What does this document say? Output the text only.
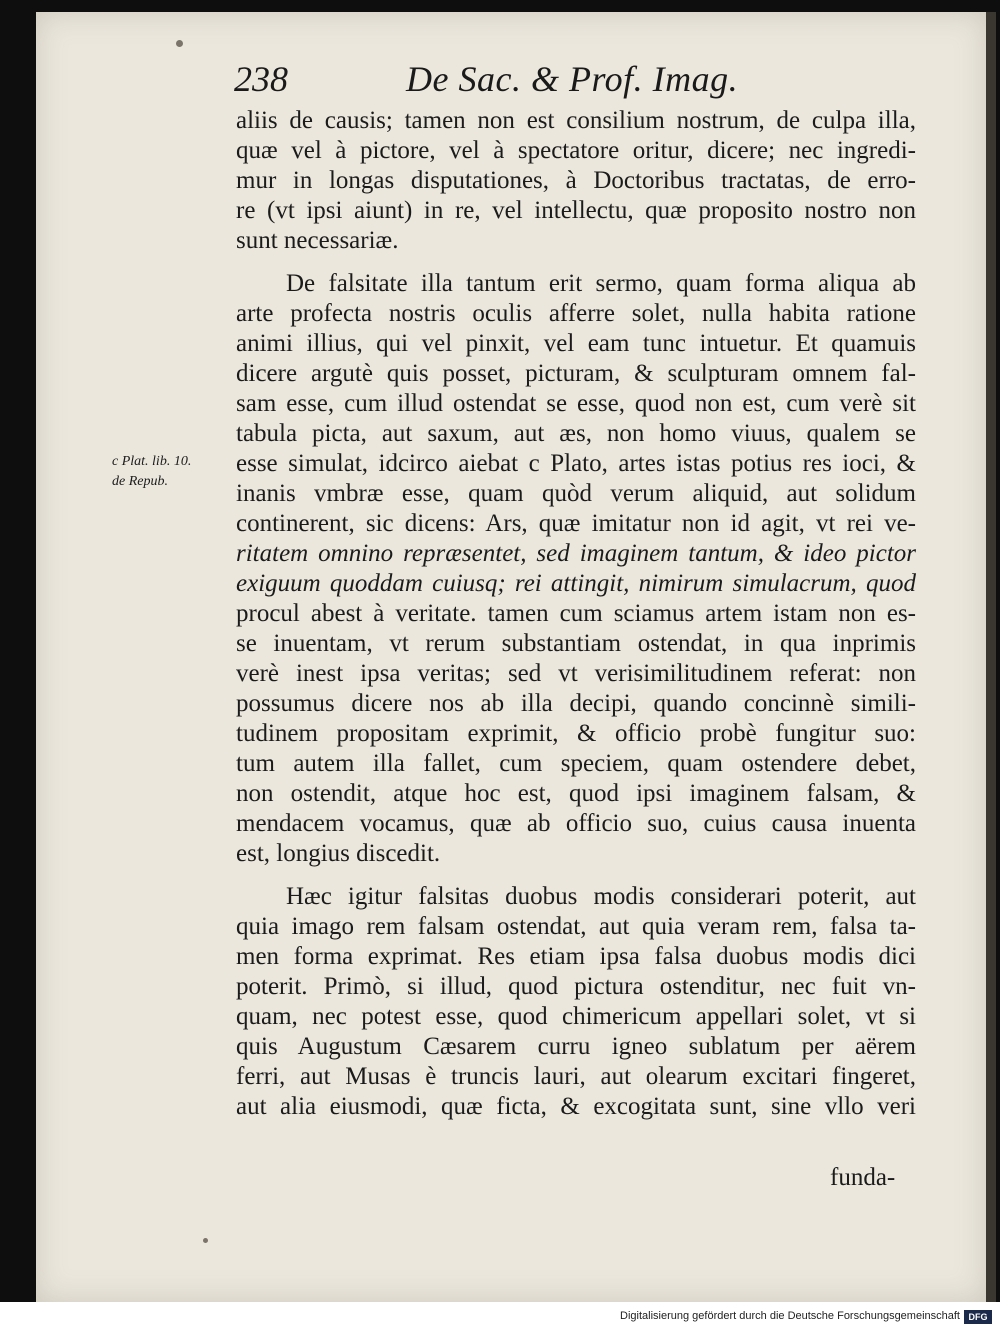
238	De Sac. & Prof. Imag.
c Plat. lib. 10.
de Repub.
aliis de causis; tamen non est consilium nostrum, de culpa illa,
quæ vel à pictore, vel à spectatore oritur, dicere; nec ingredi-
mur in longas disputationes, à Doctoribus tractatas, de erro-
re (vt ipsi aiunt) in re, vel intellectu, quæ proposito nostro non
sunt necessariæ.
De falsitate illa tantum erit sermo, quam forma aliqua ab
arte profecta nostris oculis afferre solet, nulla habita ratione
animi illius, qui vel pinxit, vel eam tunc intuetur. Et quamuis
dicere argutè quis posset, picturam, & sculpturam omnem fal-
sam esse, cum illud ostendat se esse, quod non est, cum verè sit
tabula picta, aut saxum, aut æs, non homo viuus, qualem se
esse simulat, idcirco aiebat c Plato, artes istas potius res ioci, &
inanis vmbræ esse, quam quòd verum aliquid, aut solidum
continerent, sic dicens: Ars, quæ imitatur non id agit, vt rei ve-
ritatem omnino repræsentet, sed imaginem tantum, & ideo pictor
exiguum quoddam cuiusq; rei attingit, nimirum simulacrum, quod
procul abest à veritate. tamen cum sciamus artem istam non es-
se inuentam, vt rerum substantiam ostendat, in qua inprimis
verè inest ipsa veritas; sed vt verisimilitudinem referat: non
possumus dicere nos ab illa decipi, quando concinnè simili-
tudinem propositam exprimit, & officio probè fungitur suo:
tum autem illa fallet, cum speciem, quam ostendere debet,
non ostendit, atque hoc est, quod ipsi imaginem falsam, &
mendacem vocamus, quæ ab officio suo, cuius causa inuenta
est, longius discedit.
Hæc igitur falsitas duobus modis considerari poterit, aut
quia imago rem falsam ostendat, aut quia veram rem, falsa ta-
men forma exprimat. Res etiam ipsa falsa duobus modis dici
poterit. Primò, si illud, quod pictura ostenditur, nec fuit vn-
quam, nec potest esse, quod chimericum appellari solet, vt si
quis Augustum Cæsarem curru igneo sublatum per aërem
ferri, aut Musas è truncis lauri, aut olearum excitari fingeret,
aut alia eiusmodi, quæ ficta, & excogitata sunt, sine vllo veri
funda-
Digitalisierung gefördert durch die Deutsche Forschungsgemeinschaft DFG
